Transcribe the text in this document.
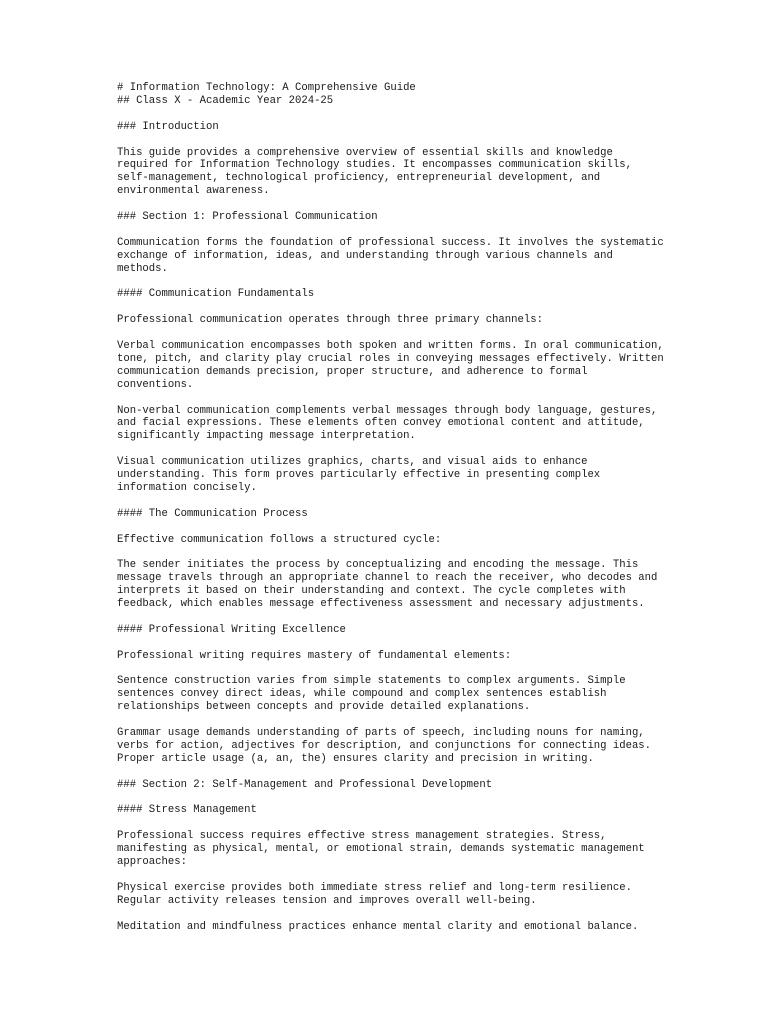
# Information Technology: A Comprehensive Guide

## Class X - Academic Year 2024-25

### Introduction

This guide provides a comprehensive overview of essential skills and knowledge

required for Information Technology studies. It encompasses communication skills,

self-management, technological proficiency, entrepreneurial development, and

environmental awareness.

### Section 1: Professional Communication

Communication forms the foundation of professional success. It involves the systematic

exchange of information, ideas, and understanding through various channels and

methods.

#### Communication Fundamentals

Professional communication operates through three primary channels:

Verbal communication encompasses both spoken and written forms. In oral communication,

tone, pitch, and clarity play crucial roles in conveying messages effectively. Written

communication demands precision, proper structure, and adherence to formal

conventions.

Non-verbal communication complements verbal messages through body language, gestures,

and facial expressions. These elements often convey emotional content and attitude,

significantly impacting message interpretation.

Visual communication utilizes graphics, charts, and visual aids to enhance

understanding. This form proves particularly effective in presenting complex

information concisely.

#### The Communication Process

Effective communication follows a structured cycle:

The sender initiates the process by conceptualizing and encoding the message. This

message travels through an appropriate channel to reach the receiver, who decodes and

interprets it based on their understanding and context. The cycle completes with

feedback, which enables message effectiveness assessment and necessary adjustments.

#### Professional Writing Excellence

Professional writing requires mastery of fundamental elements:

Sentence construction varies from simple statements to complex arguments. Simple

sentences convey direct ideas, while compound and complex sentences establish

relationships between concepts and provide detailed explanations.

Grammar usage demands understanding of parts of speech, including nouns for naming,

verbs for action, adjectives for description, and conjunctions for connecting ideas.

Proper article usage (a, an, the) ensures clarity and precision in writing.

### Section 2: Self-Management and Professional Development

#### Stress Management

Professional success requires effective stress management strategies. Stress,

manifesting as physical, mental, or emotional strain, demands systematic management

approaches:

Physical exercise provides both immediate stress relief and long-term resilience.

Regular activity releases tension and improves overall well-being.

Meditation and mindfulness practices enhance mental clarity and emotional balance.
